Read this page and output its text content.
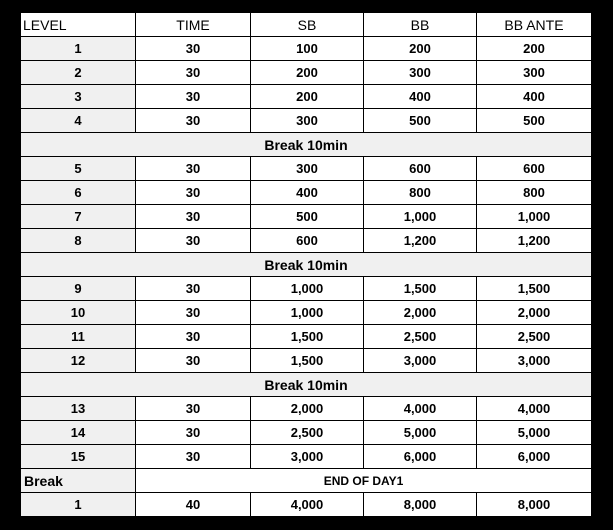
LEVEL	TIME	SB	BB	BB ANTE
1	30	100	200	200
2	30	200	300	300
3	30	200	400	400
4	30	300	500	500
Break 10min				
5	30	300	600	600
6	30	400	800	800
7	30	500	1,000	1,000
8	30	600	1,200	1,200
Break 10min				
9	30	1,000	1,500	1,500
10	30	1,000	2,000	2,000
11	30	1,500	2,500	2,500
12	30	1,500	3,000	3,000
Break 10min				
13	30	2,000	4,000	4,000
14	30	2,500	5,000	5,000
15	30	3,000	6,000	6,000
Break	END OF DAY1			
1	40	4,000	8,000	8,000
